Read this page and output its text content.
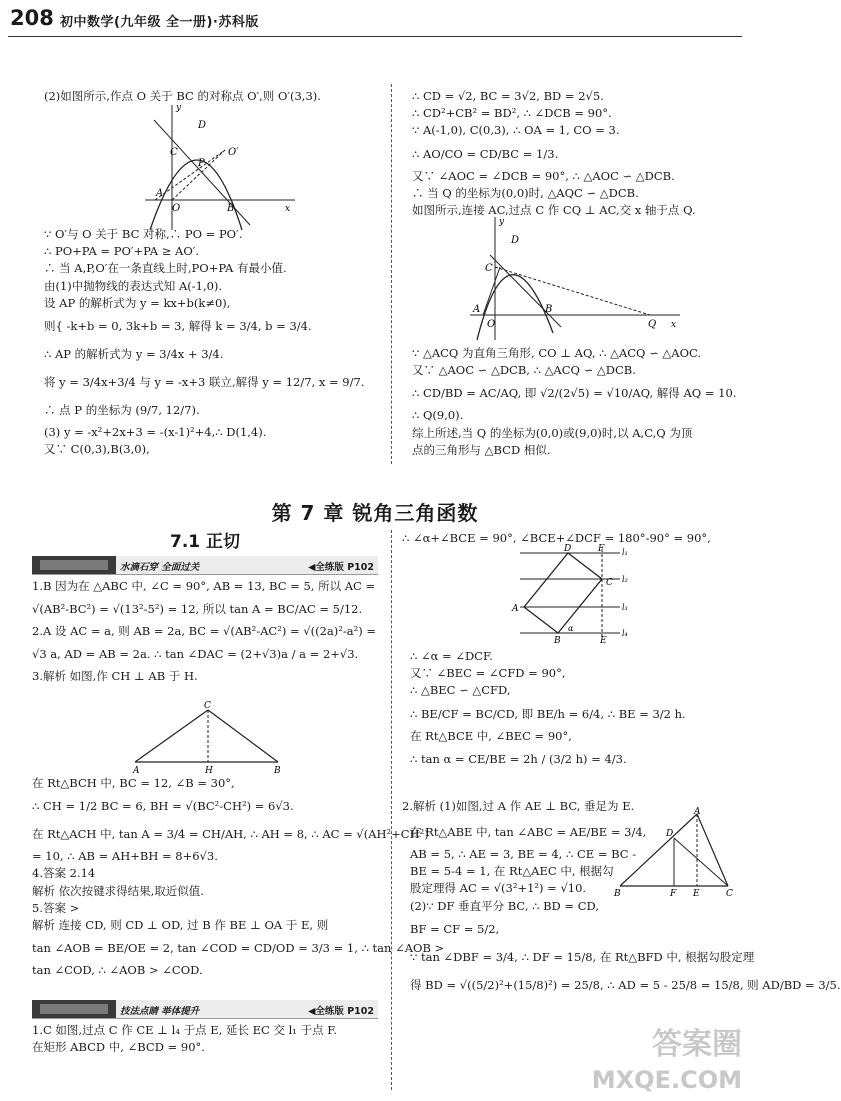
208 初中数学(九年级 全一册)·苏科版
(2)如图所示,作点 O 关于 BC 的对称点 O′,则 O′(3,3).
D
C
P
O′
A
O	B	x
y
∵ O′与 O 关于 BC 对称,∴ PO = PO′.
∴ PO+PA = PO′+PA ≥ AO′.
∴ 当 A,P,O′在一条直线上时,PO+PA 有最小值.
由(1)中抛物线的表达式知 A(-1,0).
设 AP 的解析式为 y = kx+b(k≠0),
则{ -k+b = 0, 3k+b = 3, 解得 k = 3/4, b = 3/4.
∴ AP 的解析式为 y = 3/4x + 3/4.
将 y = 3/4x+3/4 与 y = -x+3 联立,解得 y = 12/7, x = 9/7.
∴ 点 P 的坐标为 (9/7, 12/7).
(3) y = -x²+2x+3 = -(x-1)²+4,∴ D(1,4).
又∵ C(0,3),B(3,0),
∴ CD = √2, BC = 3√2, BD = 2√5.
∴ CD²+CB² = BD², ∴ ∠DCB = 90°.
∵ A(-1,0), C(0,3), ∴ OA = 1, CO = 3.
∴ AO/CO = CD/BC = 1/3.
又∵ ∠AOC = ∠DCB = 90°, ∴ △AOC ∽ △DCB.
∴ 当 Q 的坐标为(0,0)时, △AQC ∽ △DCB.
如图所示,连接 AC,过点 C 作 CQ ⊥ AC,交 x 轴于点 Q.
D
C
A
O
B
Q x
y
∵ △ACQ 为直角三角形, CO ⊥ AQ, ∴ △ACQ ∽ △AOC.
又∵ △AOC ∽ △DCB, ∴ △ACQ ∽ △DCB.
∴ CD/BD = AC/AQ, 即 √2/(2√5) = √10/AQ, 解得 AQ = 10.
∴ Q(9,0).
综上所述,当 Q 的坐标为(0,0)或(9,0)时,以 A,C,Q 为顶
点的三角形与 △BCD 相似.
第 7 章 锐角三角函数
7.1 正切
水滴石穿 全面过关	◀全练版 P102
1.B 因为在 △ABC 中, ∠C = 90°, AB = 13, BC = 5, 所以 AC =
√(AB²-BC²) = √(13²-5²) = 12, 所以 tan A = BC/AC = 5/12.
2.A 设 AC = a, 则 AB = 2a, BC = √(AB²-AC²) = √((2a)²-a²) =
√3 a, AD = AB = 2a. ∴ tan ∠DAC = (2+√3)a / a = 2+√3.
3.解析 如图,作 CH ⊥ AB 于 H.
C
A	H	B
在 Rt△BCH 中, BC = 12, ∠B = 30°,
∴ CH = 1/2 BC = 6, BH = √(BC²-CH²) = 6√3.
在 Rt△ACH 中, tan A = 3/4 = CH/AH, ∴ AH = 8, ∴ AC = √(AH²+CH²)
= 10, ∴ AB = AH+BH = 8+6√3.
4.答案 2.14
解析 依次按键求得结果,取近似值.
5.答案 >
解析 连接 CD, 则 CD ⊥ OD, 过 B 作 BE ⊥ OA 于 E, 则
tan ∠AOB = BE/OE = 2, tan ∠COD = CD/OD = 3/3 = 1, ∴ tan ∠AOB >
tan ∠COD, ∴ ∠AOB > ∠COD.
技法点睛 举体提升	◀全练版 P102
1.C 如图,过点 C 作 CE ⊥ l₄ 于点 E, 延长 EC 交 l₁ 于点 F.
在矩形 ABCD 中, ∠BCD = 90°.
∴ ∠α+∠BCE = 90°, ∠BCE+∠DCF = 180°-90° = 90°,
D	F
C
A
B	E
α
l₁
l₂
l₃
l₄
∴ ∠α = ∠DCF.
又∵ ∠BEC = ∠CFD = 90°,
∴ △BEC ∽ △CFD,
∴ BE/CF = BC/CD, 即 BE/h = 6/4, ∴ BE = 3/2 h.
在 Rt△BCE 中, ∠BEC = 90°,
∴ tan α = CE/BE = 2h / (3/2 h) = 4/3.
2.解析 (1)如图,过 A 作 AE ⊥ BC, 垂足为 E.
在 Rt△ABE 中, tan ∠ABC = AE/BE = 3/4,
AB = 5, ∴ AE = 3, BE = 4, ∴ CE = BC -
BE = 5-4 = 1, 在 Rt△AEC 中, 根据勾
股定理得 AC = √(3²+1²) = √10.
(2)∵ DF 垂直平分 BC, ∴ BD = CD,
BF = CF = 5/2,
∵ tan ∠DBF = 3/4, ∴ DF = 15/8, 在 Rt△BFD 中, 根据勾股定理
得 BD = √((5/2)²+(15/8)²) = 25/8, ∴ AD = 5 - 25/8 = 15/8, 则 AD/BD = 3/5.
A
D
B	F E	C
答案圈
MXQE.COM
